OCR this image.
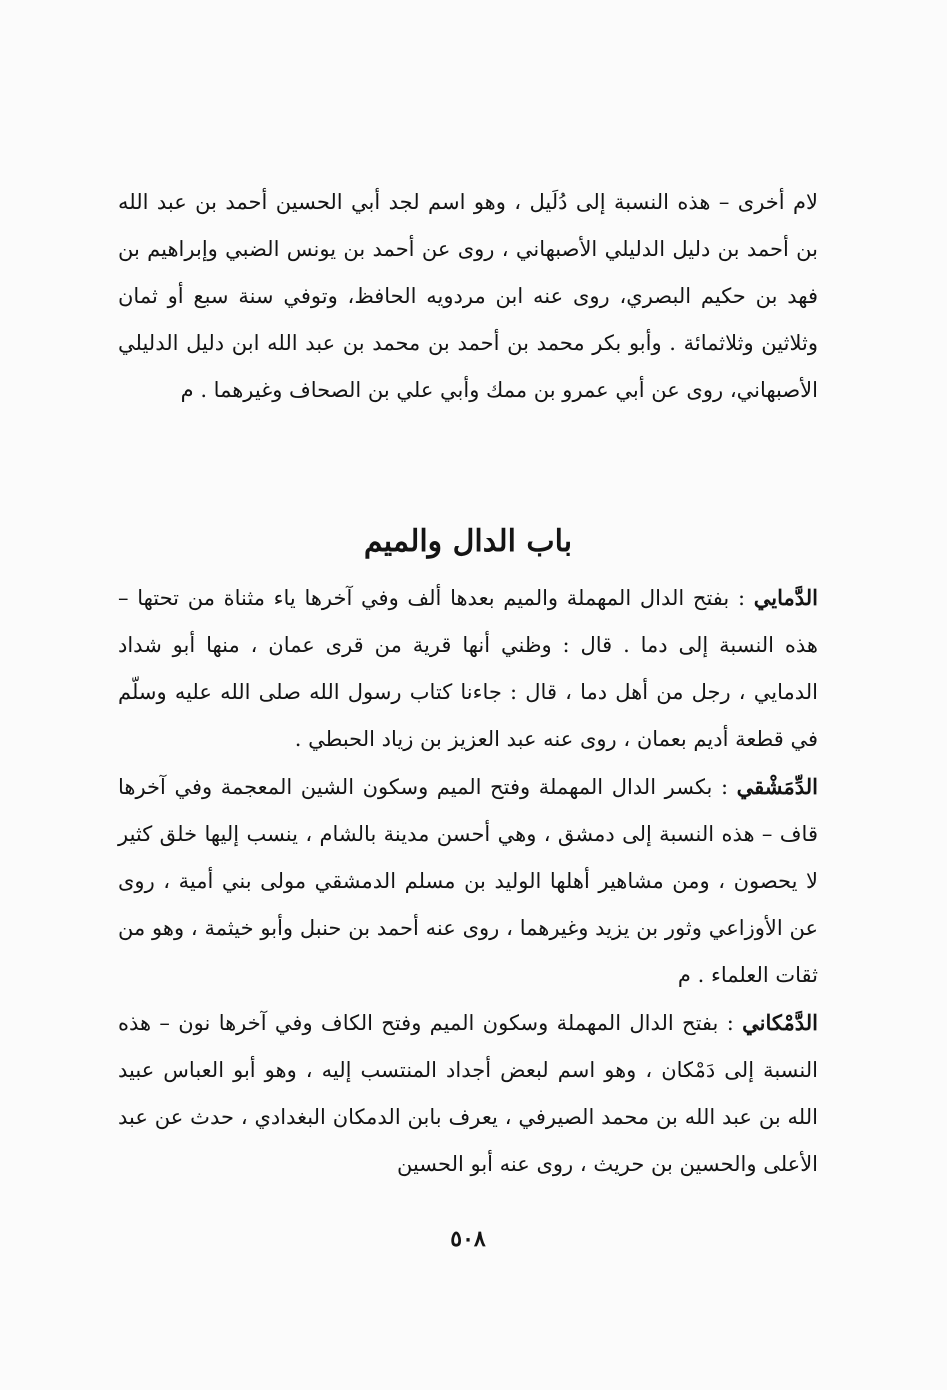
لام أخرى – هذه النسبة إلى دُلَيل ، وهو اسم لجد أبي الحسين أحمد بن عبد الله بن أحمد بن دليل الدليلي الأصبهاني ، روى عن أحمد بن يونس الضبي وإبراهيم بن فهد بن حكيم البصري، روى عنه ابن مردويه الحافظ، وتوفي سنة سبع أو ثمان وثلاثين وثلاثمائة . وأبو بكر محمد بن أحمد بن محمد بن عبد الله ابن دليل الدليلي الأصبهاني، روى عن أبي عمرو بن ممك وأبي علي بن الصحاف وغيرهما . م

باب الدال والميم

الدَّمايي : بفتح الدال المهملة والميم بعدها ألف وفي آخرها ياء مثناة من تحتها – هذه النسبة إلى دما . قال : وظني أنها قرية من قرى عمان ، منها أبو شداد الدمايي ، رجل من أهل دما ، قال : جاءنا كتاب رسول الله صلى الله عليه وسلّم في قطعة أديم بعمان ، روى عنه عبد العزيز بن زياد الحبطي .

الدِّمَشْقي : بكسر الدال المهملة وفتح الميم وسكون الشين المعجمة وفي آخرها قاف – هذه النسبة إلى دمشق ، وهي أحسن مدينة بالشام ، ينسب إليها خلق كثير لا يحصون ، ومن مشاهير أهلها الوليد بن مسلم الدمشقي مولى بني أمية ، روى عن الأوزاعي وثور بن يزيد وغيرهما ، روى عنه أحمد بن حنبل وأبو خيثمة ، وهو من ثقات العلماء . م

الدَّمْكاني : بفتح الدال المهملة وسكون الميم وفتح الكاف وفي آخرها نون – هذه النسبة إلى دَمْكان ، وهو اسم لبعض أجداد المنتسب إليه ، وهو أبو العباس عبيد الله بن عبد الله بن محمد الصيرفي ، يعرف بابن الدمكان البغدادي ، حدث عن عبد الأعلى والحسين بن حريث ، روى عنه أبو الحسين

٥٠٨
